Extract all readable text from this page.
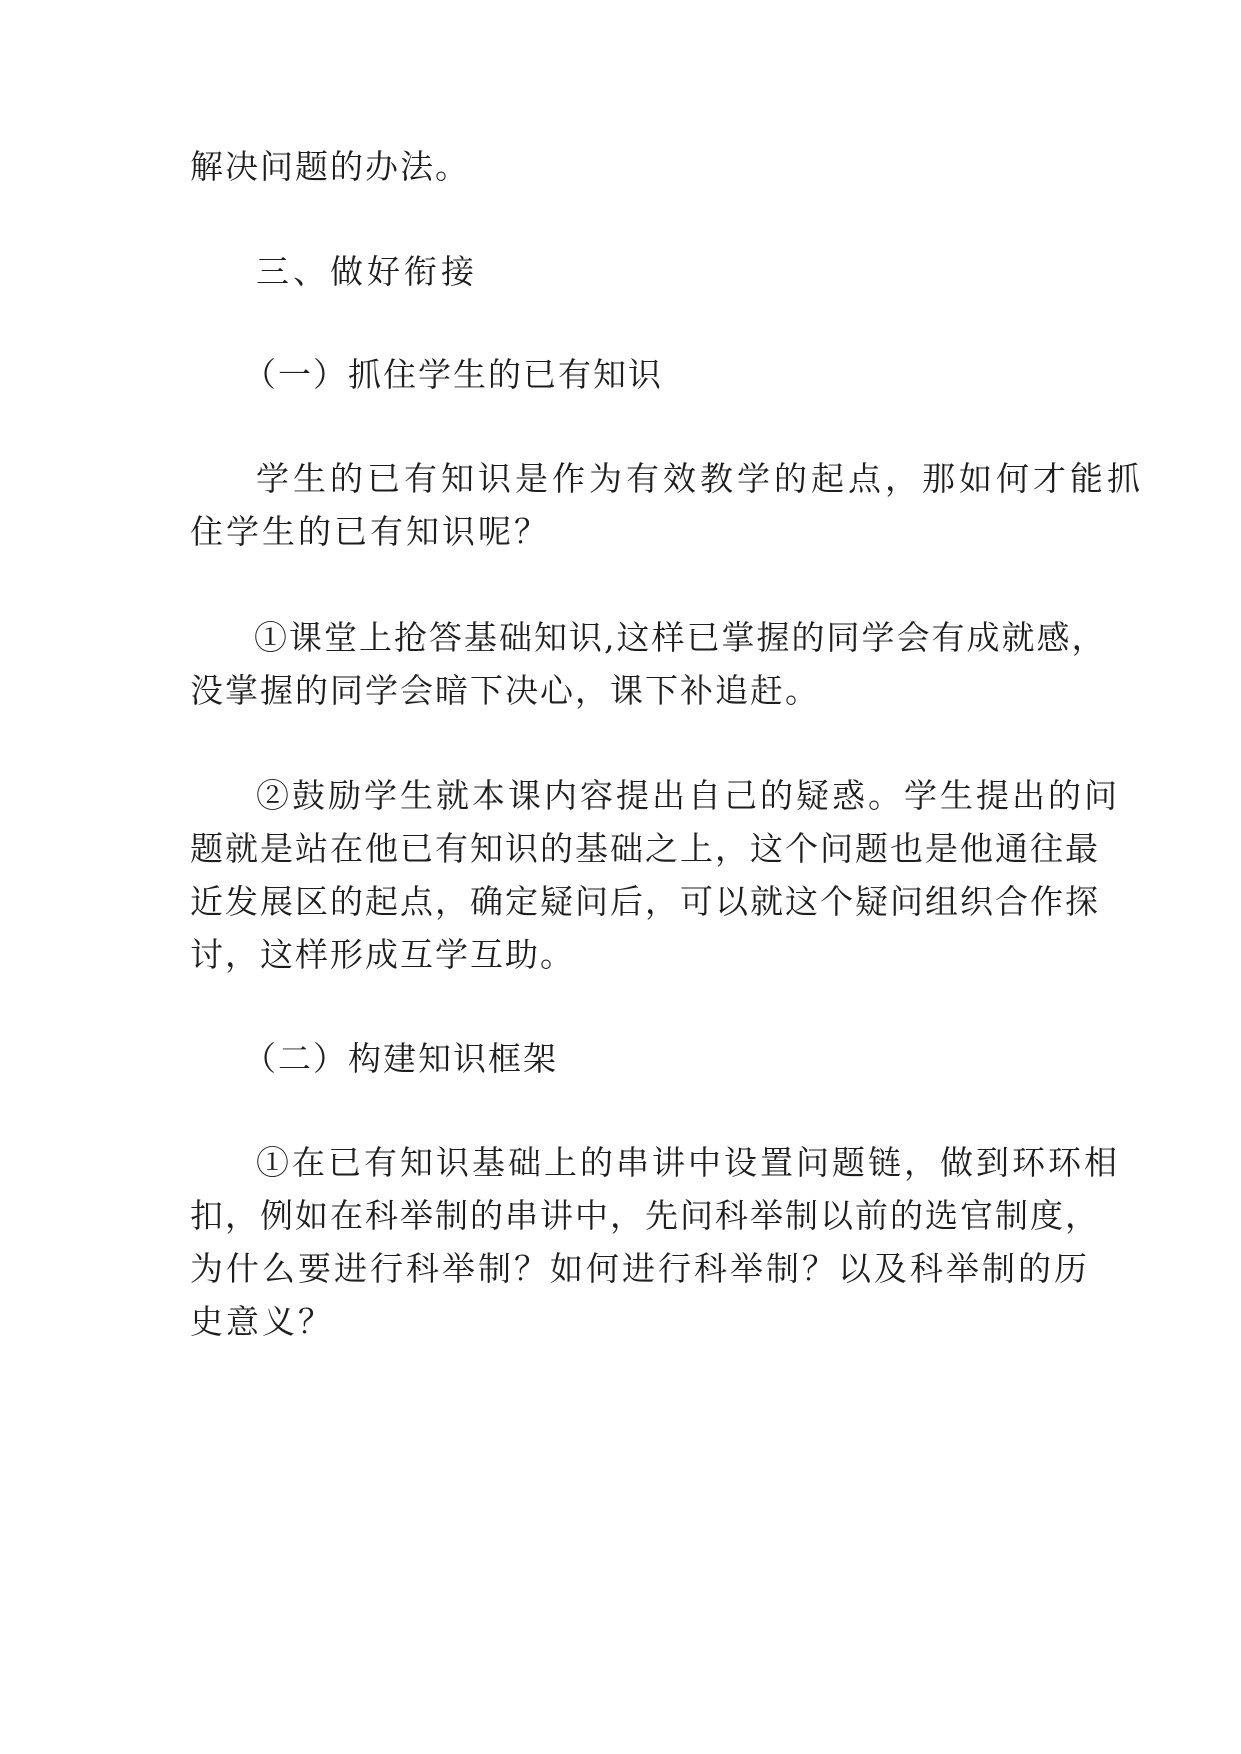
解决问题的办法。

三、做好衔接

（一）抓住学生的已有知识

学生的已有知识是作为有效教学的起点，那如何才能抓

住学生的已有知识呢？

①课堂上抢答基础知识,这样已掌握的同学会有成就感，

没掌握的同学会暗下决心，课下补追赶。

②鼓励学生就本课内容提出自己的疑惑。学生提出的问

题就是站在他已有知识的基础之上，这个问题也是他通往最

近发展区的起点，确定疑问后，可以就这个疑问组织合作探

讨，这样形成互学互助。

（二）构建知识框架

①在已有知识基础上的串讲中设置问题链，做到环环相

扣，例如在科举制的串讲中，先问科举制以前的选官制度，

为什么要进行科举制？如何进行科举制？以及科举制的历

史意义？
